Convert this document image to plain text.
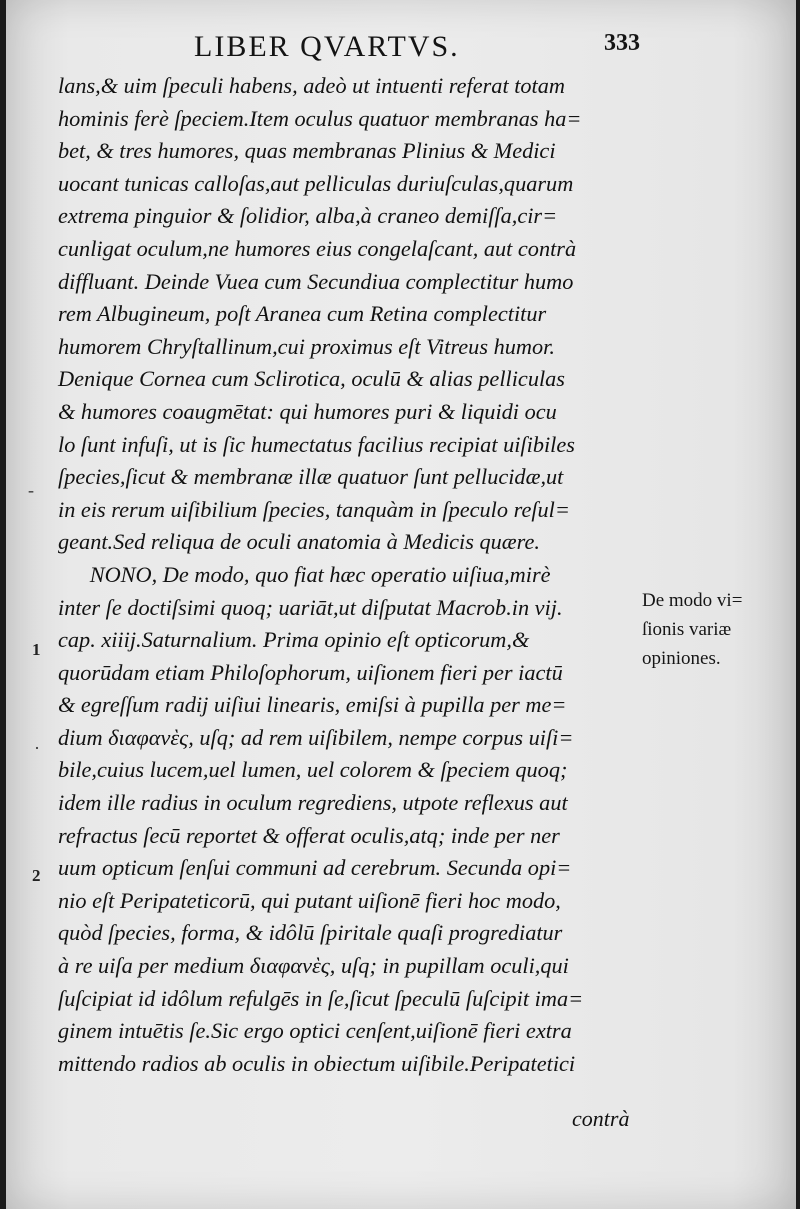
LIBER QVARTVS.	333
lans,& uim ſpeculi habens, adeò ut intuenti referat totam
hominis ferè ſpeciem.Item oculus quatuor membranas ha=
bet, & tres humores, quas membranas Plinius & Medici
uocant tunicas calloſas,aut pelliculas duriuſculas,quarum
extrema pinguior & ſolidior, alba,à craneo demiſſa,cir=
cunligat oculum,ne humores eius congelaſcant, aut contrà
diffluant. Deinde Vuea cum Secundiua complectitur humo
rem Albugineum, poſt Aranea cum Retina complectitur
humorem Chryſtallinum,cui proximus eſt Vitreus humor.
Denique Cornea cum Sclirotica, oculū & alias pelliculas
& humores coaugmētat: qui humores puri & liquidi ocu
lo ſunt infuſi, ut is ſic humectatus facilius recipiat uiſibiles
ſpecies,ſicut & membranæ illæ quatuor ſunt pellucidæ,ut
in eis rerum uiſibilium ſpecies, tanquàm in ſpeculo reſul=
geant.Sed reliqua de oculi anatomia à Medicis quære.
NONO, De modo, quo fiat hæc operatio uiſiua,mirè
inter ſe doctiſsimi quoq; uariāt,ut diſputat Macrob.in vij.
cap. xiiij.Saturnalium. Prima opinio eſt opticorum,&
quorūdam etiam Philoſophorum, uiſionem fieri per iactū
& egreſſum radij uiſiui linearis, emiſsi à pupilla per me=
dium διαφανὲς, uſq; ad rem uiſibilem, nempe corpus uiſi=
bile,cuius lucem,uel lumen, uel colorem & ſpeciem quoq;
idem ille radius in oculum regrediens, utpote reflexus aut
refractus ſecū reportet & offerat oculis,atq; inde per ner
uum opticum ſenſui communi ad cerebrum. Secunda opi=
nio eſt Peripateticorū, qui putant uiſionē fieri hoc modo,
quòd ſpecies, forma, & idôlū ſpiritale quaſi progrediatur
à re uiſa per medium διαφανὲς, uſq; in pupillam oculi,qui
ſuſcipiat id idôlum refulgēs in ſe,ſicut ſpeculū ſuſcipit ima=
ginem intuētis ſe.Sic ergo optici cenſent,uiſionē fieri extra
mittendo radios ab oculis in obiectum uiſibile.Peripatetici
De modo vi=
ſionis variæ
opiniones.
1
2
·
-
contrà
